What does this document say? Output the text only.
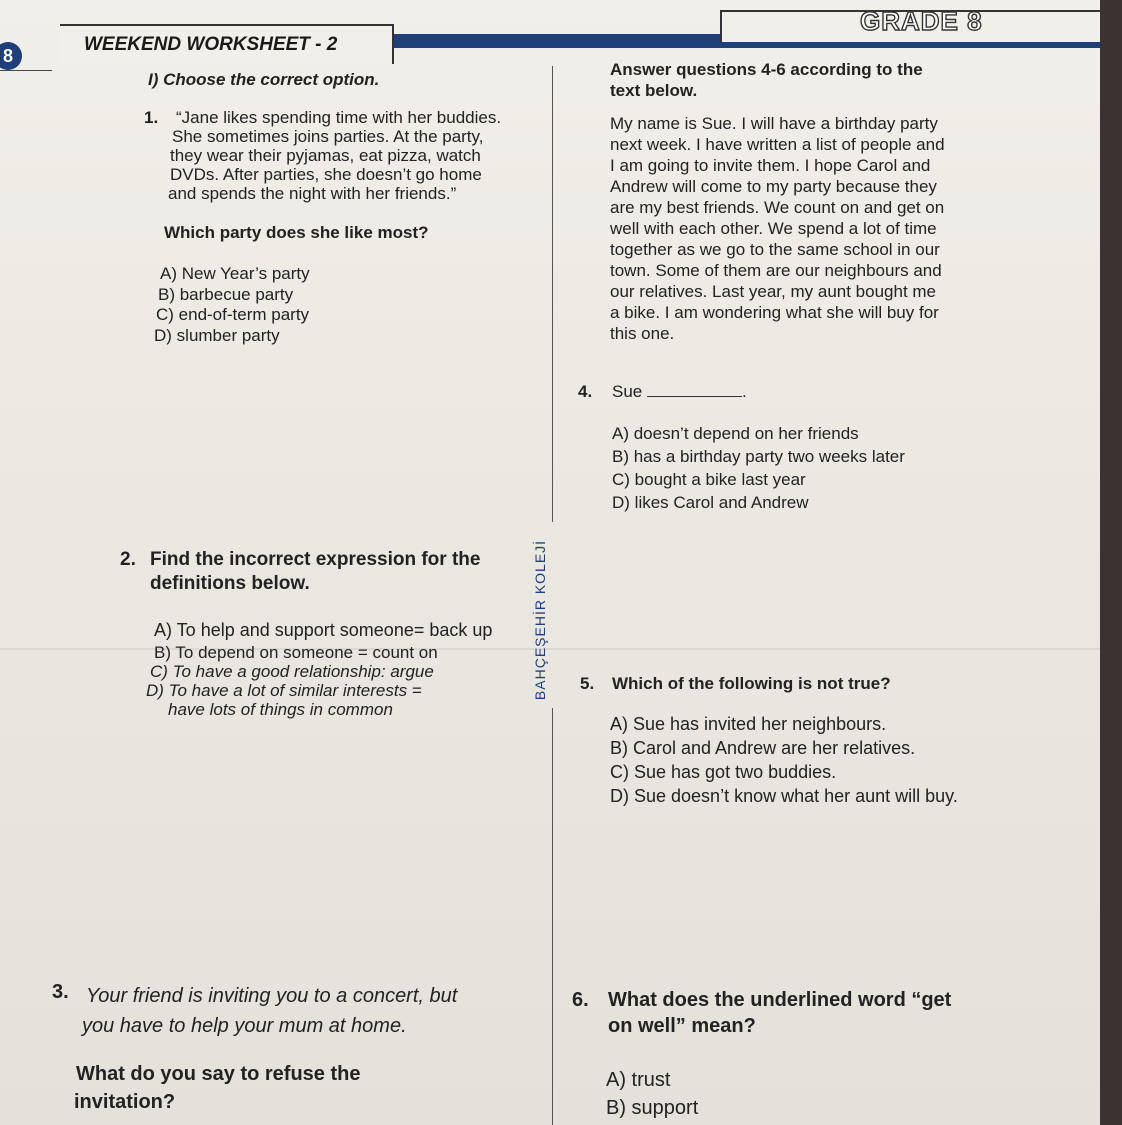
WEEKEND WORKSHEET - 2
8
GRADE 8
I) Choose the correct option.
BAHÇEŞEHİR KOLEJİ
1. “Jane likes spending time with her buddies.
She sometimes joins parties. At the party,
they wear their pyjamas, eat pizza, watch
DVDs. After parties, she doesn’t go home
and spends the night with her friends.”
Which party does she like most?
A) New Year’s party
B) barbecue party
C) end-of-term party
D) slumber party
2. Find the incorrect expression for the
definitions below.
A) To help and support someone= back up
B) To depend on someone = count on
C) To have a good relationship: argue
D) To have a lot of similar interests =
have lots of things in common
3. Your friend is inviting you to a concert, but
you have to help your mum at home.
What do you say to refuse the
invitation?
Answer questions 4-6 according to the
text below.
My name is Sue. I will have a birthday party
next week. I have written a list of people and
I am going to invite them. I hope Carol and
Andrew will come to my party because they
are my best friends. We count on and get on
well with each other. We spend a lot of time
together as we go to the same school in our
town. Some of them are our neighbours and
our relatives. Last year, my aunt bought me
a bike. I am wondering what she will buy for
this one.
4. Sue	.
A) doesn’t depend on her friends
B) has a birthday party two weeks later
C) bought a bike last year
D) likes Carol and Andrew
5. Which of the following is not true?
A) Sue has invited her neighbours.
B) Carol and Andrew are her relatives.
C) Sue has got two buddies.
D) Sue doesn’t know what her aunt will buy.
6. What does the underlined word “get
on well” mean?
A) trust
B) support
